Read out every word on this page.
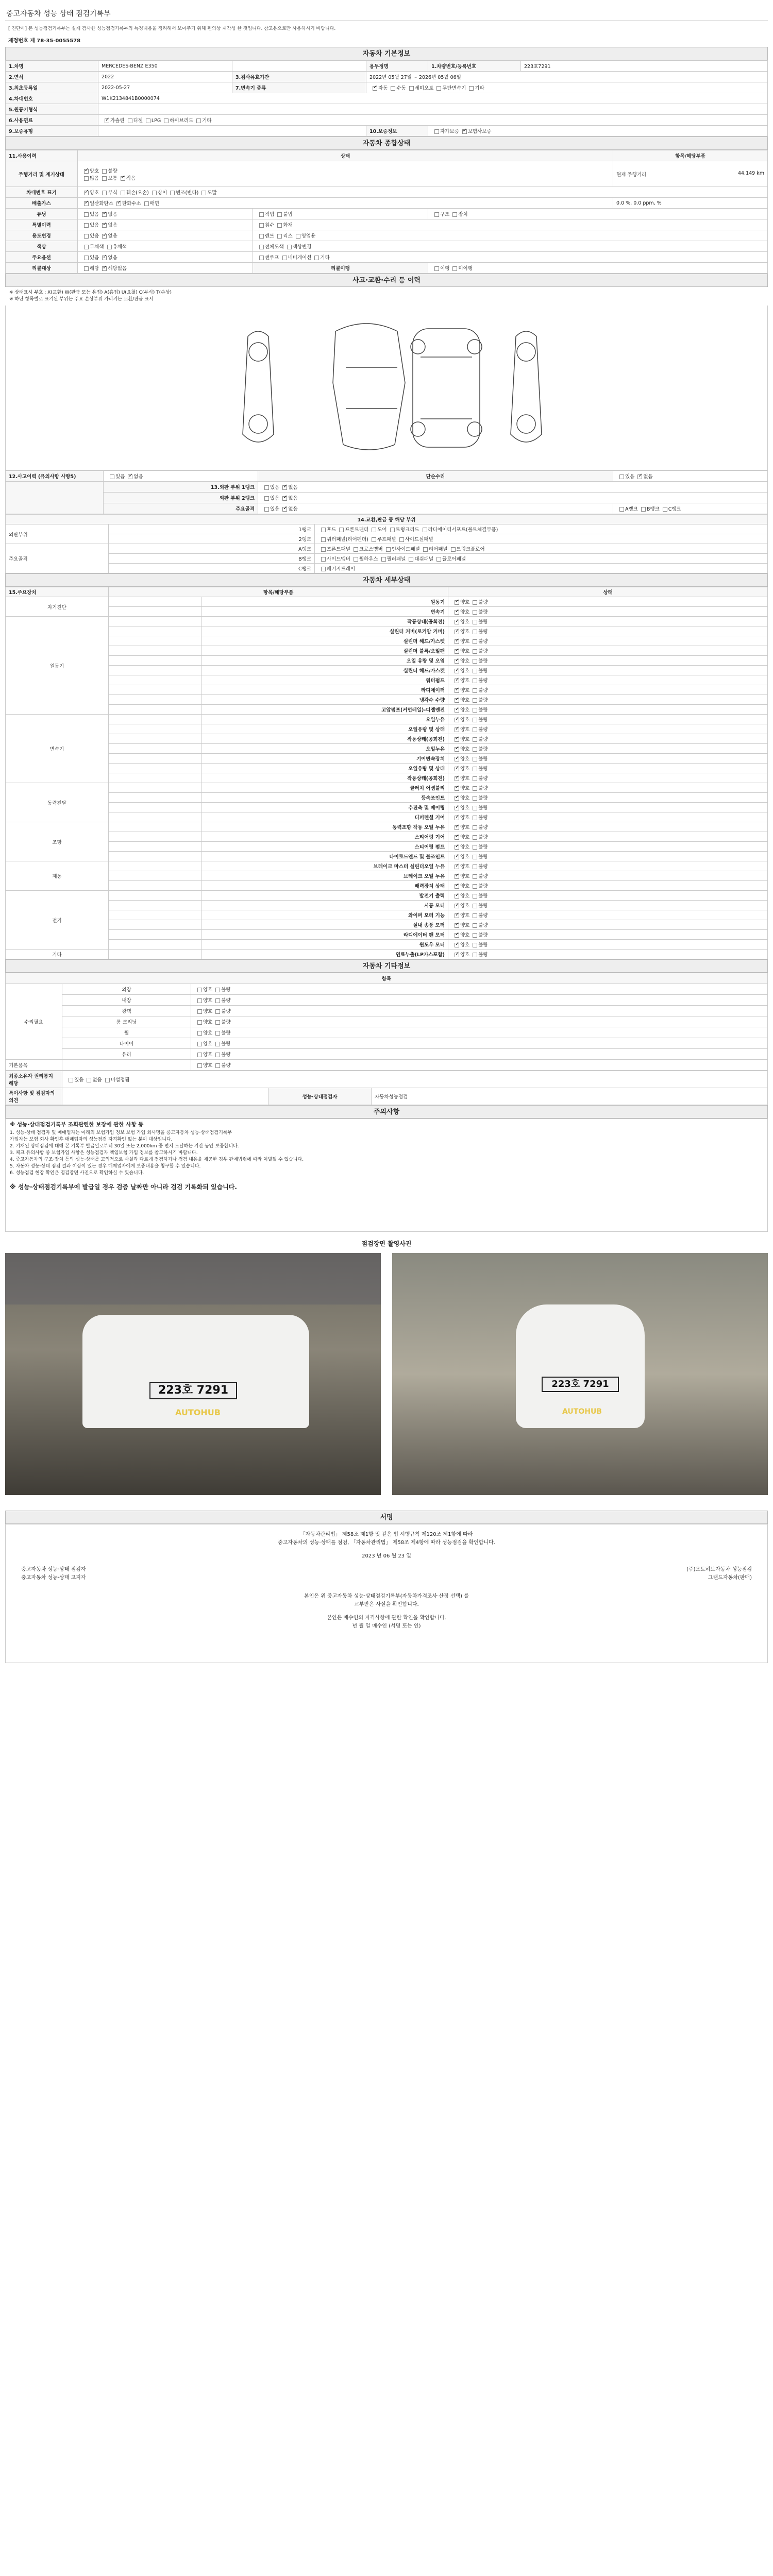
중고자동차 성능 상태 점검기록부
[ 진단시] 본 성능점검기록부는 실제 검사한 성능점검기록부의 특정내용을 정리해서 보여주기 위해 편의상 재작성 한 것입니다. 참고용으로만 사용하시기 바랍니다.
제정번호 제 78-35-0055578
자동차 기본정보
1.차명	MERCEDES-BENZ E350		용두정명	1.차량번호/등록번호	223호7291
2.연식	2022	3.검사유효기간	2022년 05월 27일 ~ 2026년 05월 06일		
3.최초등록일	2022-05-27	7.변속기 종류	✓자동 수동 세미오토 무단변속기 기타
4.차대번호	W1K2134841B0000074				
5.원동기형식					
6.사용연료	✓가솔린 디젤 LPG 하이브리드 기타
9.보증유형			10.보증정보	자가보증 ✓ 보험사보증
자동차 종합상태
11.사용이력	상태			항목/해당부품
주행거리 및 계기상태	✓양호 불량
많음 보통 ✓ 적음			현재 주행거리 44,149 km

차대번호 표기	✓양호 부식 훼손(오손) 상이 변조(변타) 도말
배출가스	✓일산화탄소 ✓ 탄화수소 매연			0.0 %, 0.0 ppm, %
튜닝	있음 ✓ 없음	적법 불법	구조 장치	
특별이력	있음 ✓ 없음	침수 화재		
용도변경	있음 ✓ 없음	렌트 리스 영업용		
색상	무채색 유채색	전체도색 색상변경		
주요옵션	있음 ✓ 없음	썬루프 네비게이션 기타		
리콜대상	해당 ✓ 해당없음	리콜이행	이행 미이행	
사고·교환·수리 등 이력
※ 상태표시 부호 : X(교환) W(판금 또는 용접) A(흠집) U(요철) C(부식) T(손상)
※ 하단 항목별로 표기된 부위는 주요 손상부위 가리키는 교환/판금 표시
12.사고이력 (유의사항 사항5)	있음 ✓ 없음	단순수리	있음 ✓ 없음
	13.외판 부위 1랭크	있음 ✓ 없음
	외판 부위 2랭크	있음 ✓ 없음
	주요골격	있음 ✓ 없음	A랭크 B랭크 C랭크
14.교환,판금 등 해당 부위		
외판부위	1랭크	후드 프론트펜더 도어 트렁크리드 라디에이터서포트(볼트체결부품)
	2랭크	쿼터패널(리어펜더) 루프패널 사이드실패널
주요골격	A랭크	프론트패널 크로스멤버 인사이드패널 리어패널 트렁크플로어
	B랭크	사이드멤버 휠하우스 필러패널 대쉬패널 플로어패널
	C랭크	패키지트레이
자동차 세부상태
15.주요장치	항목/해당부품		상태
자기진단		원동기	✓양호 불량
		변속기	✓양호 불량
원동기		작동상태(공회전)	✓양호 불량
		실린더 커버(로커암 커버)	✓양호 불량
		실린더 헤드/가스켓	✓양호 불량
		실린더 블록/오일팬	✓양호 불량
		오일 유량 및 오염	✓양호 불량
		실린더 헤드/가스켓	✓양호 불량
		워터펌프	✓양호 불량
		라디에이터	✓양호 불량
		냉각수 수량	✓양호 불량
		고압펌프(커먼레일)-디젤엔진	✓양호 불량
변속기		오일누유	✓양호 불량
		오일유량 및 상태	✓양호 불량
		작동상태(공회전)	✓양호 불량
		오일누유	✓양호 불량
		기어변속장치	✓양호 불량
		오일유량 및 상태	✓양호 불량
		작동상태(공회전)	✓양호 불량
동력전달		클러치 어셈블리	✓양호 불량
		등속조인트	✓양호 불량
		추진축 및 베어링	✓양호 불량
		디퍼렌셜 기어	✓양호 불량
조향		동력조향 작동 오일 누유	✓양호 불량
		스티어링 기어	✓양호 불량
		스티어링 펌프	✓양호 불량
		타이로드엔드 및 볼조인트	✓양호 불량
제동		브레이크 마스터 실린더오일 누유	✓양호 불량
		브레이크 오일 누유	✓양호 불량
		배력장치 상태	✓양호 불량
전기		발전기 출력	✓양호 불량
		시동 모터	✓양호 불량
		와이퍼 모터 기능	✓양호 불량
		실내 송풍 모터	✓양호 불량
		라디에이터 팬 모터	✓양호 불량
		윈도우 모터	✓양호 불량
기타		연료누출(LP가스포함)	✓양호 불량
자동차 기타정보
항목		
수리필요	외장	양호 불량
	내장	양호 불량
	광택	양호 불량
	룸 크리닝	양호 불량
	휠	양호 불량
	타이어	양호 불량
	유리	양호 불량
기본품목		양호 불량
최종소유자 권리통지 해당	있음 없음 미설정됨		
특이사항 및 점검자의 의견		성능·상태점검자	자동차성능점검
주의사항
※ 성능·상태점검기록부 조회관련한 보장에 관한 사항 등
1. 성능·상태 점검자 및 매매업자는 아래의 보험가입 정보 보험 가입 회사명을 중고자동차 성능·상태점검기록부
가입자는 보험 회사 확인후 매매업자의 성능점검 자격확인 없는 분이 대상입니다.
2. 기재된 상태점검에 대해 본 기록부 발급일로부터 30일 또는 2,000km 중 먼저 도달하는 기간 동안 보증합니다.
3. 체크 유의사항 중 보험가입 사항은 성능점검자 책임보험 가입 정보를 참고하시기 바랍니다.
4. 중고자동차의 구조·장치 등의 성능·상태를 고의적으로 사실과 다르게 점검하거나 점검 내용을 제공한 경우 관계법령에 따라 처벌될 수 있습니다.
5. 자동차 성능·상태 점검 결과 이상이 있는 경우 매매업자에게 보증내용을 청구할 수 있습니다.
6. 성능점검 현장 확인은 점검장면 사진으로 확인하실 수 있습니다.
※ 성능·상태점검기록부에 발급일 경우 검증 날짜만 아니라 검검 기록화되 있습니다.
점검장면 촬영사진
223호 7291
AUTOHUB
223호 7291
AUTOHUB
서명
「자동차관리법」 제58조 제1항 및 같은 법 시행규칙 제120조 제1항에 따라
중고자동차의 성능·상태를 점검, 「자동차관리법」 제58조 제4항에 따라 성능점검을 확인합니다.
2023 년 06 월 23 일
중고자동차 성능·상태 점검자	(주)오토허브자동차 성능점검
중고자동차 성능·상태 고지자	그랜드자동차(판매)
본인은 위 중고자동차 성능·상태점검기록부(자동차가격조사·산정 선택) 를
교부받은 사실을 확인합니다.
본인은 매수인의 자격사항에 관한 확인을 확인합니다.
년 월 일 매수인 (서명 또는 인)
